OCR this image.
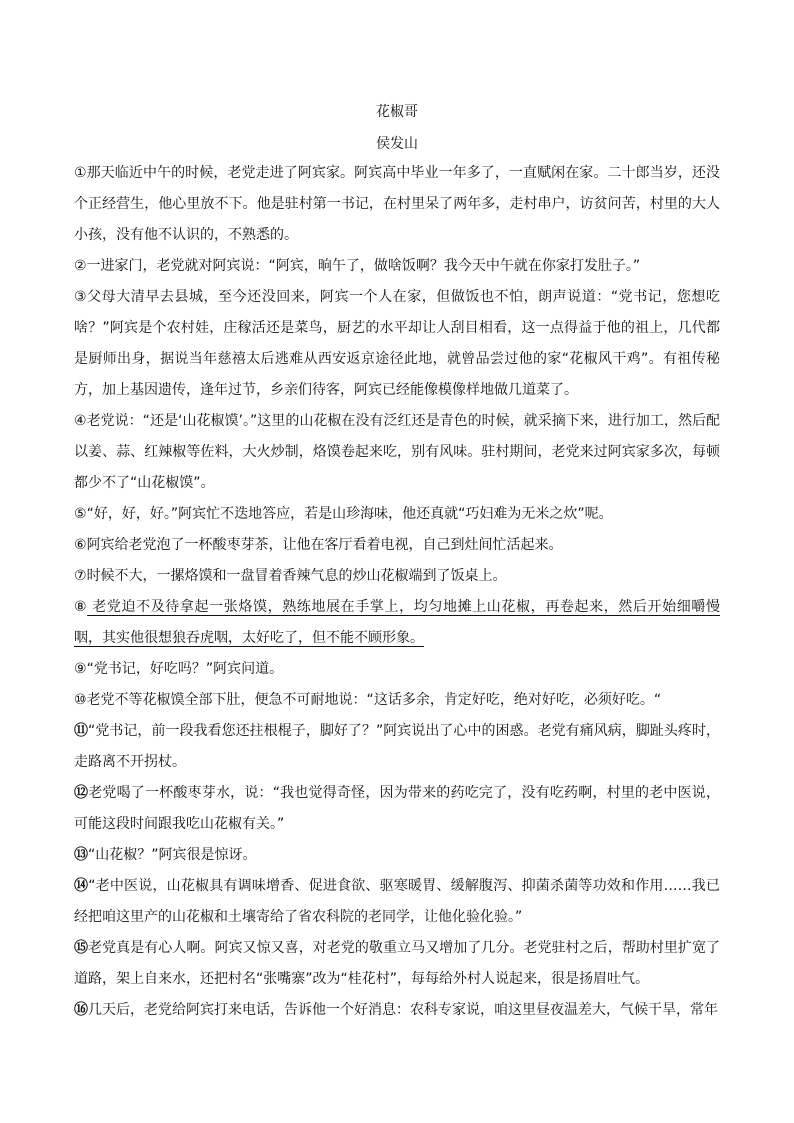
花椒哥
侯发山

①那天临近中午的时候，老党走进了阿宾家。阿宾高中毕业一年多了，一直赋闲在家。二十郎当岁，还没个正经营生，他心里放不下。他是驻村第一书记，在村里呆了两年多，走村串户，访贫问苦，村里的大人小孩，没有他不认识的，不熟悉的。

②一进家门，老党就对阿宾说：“阿宾，晌午了，做啥饭啊？我今天中午就在你家打发肚子。”

③父母大清早去县城，至今还没回来，阿宾一个人在家，但做饭也不怕，朗声说道：“党书记，您想吃啥？”阿宾是个农村娃，庄稼活还是菜鸟，厨艺的水平却让人刮目相看，这一点得益于他的祖上，几代都是厨师出身，据说当年慈禧太后逃难从西安返京途径此地，就曾品尝过他的家“花椒风干鸡”。有祖传秘方，加上基因遗传，逢年过节，乡亲们待客，阿宾已经能像模像样地做几道菜了。

④老党说：“还是‘山花椒馍’。”这里的山花椒在没有泛红还是青色的时候，就采摘下来，进行加工，然后配以姜、蒜、红辣椒等佐料，大火炒制，烙馍卷起来吃，别有风味。驻村期间，老党来过阿宾家多次，每顿都少不了“山花椒馍”。

⑤“好，好，好。”阿宾忙不迭地答应，若是山珍海味，他还真就“巧妇难为无米之炊”呢。

⑥阿宾给老党泡了一杯酸枣芽茶，让他在客厅看着电视，自己到灶间忙活起来。

⑦时候不大，一摞烙馍和一盘冒着香辣气息的炒山花椒端到了饭桌上。

⑧ 老党迫不及待拿起一张烙馍，熟练地展在手掌上，均匀地摊上山花椒，再卷起来，然后开始细嚼慢咽，其实他很想狼吞虎咽，太好吃了，但不能不顾形象。

⑨“党书记，好吃吗？”阿宾问道。

⑩老党不等花椒馍全部下肚，便急不可耐地说：“这话多余，肯定好吃，绝对好吃，必须好吃。“

⑪“党书记，前一段我看您还拄根棍子，脚好了？”阿宾说出了心中的困惑。老党有痛风病，脚趾头疼时，走路离不开拐杖。

⑫老党喝了一杯酸枣芽水，说：“我也觉得奇怪，因为带来的药吃完了，没有吃药啊，村里的老中医说，可能这段时间跟我吃山花椒有关。”

⑬“山花椒？”阿宾很是惊讶。

⑭“老中医说，山花椒具有调味增香、促进食欲、驱寒暖胃、缓解腹泻、抑菌杀菌等功效和作用……我已经把咱这里产的山花椒和土壤寄给了省农科院的老同学，让他化验化验。”

⑮老党真是有心人啊。阿宾又惊又喜，对老党的敬重立马又增加了几分。老党驻村之后，帮助村里扩宽了道路，架上自来水，还把村名“张嘴寨”改为“桂花村”，每每给外村人说起来，很是扬眉吐气。

⑯几天后，老党给阿宾打来电话，告诉他一个好消息：农科专家说，咱这里昼夜温差大，气候干旱，常年
